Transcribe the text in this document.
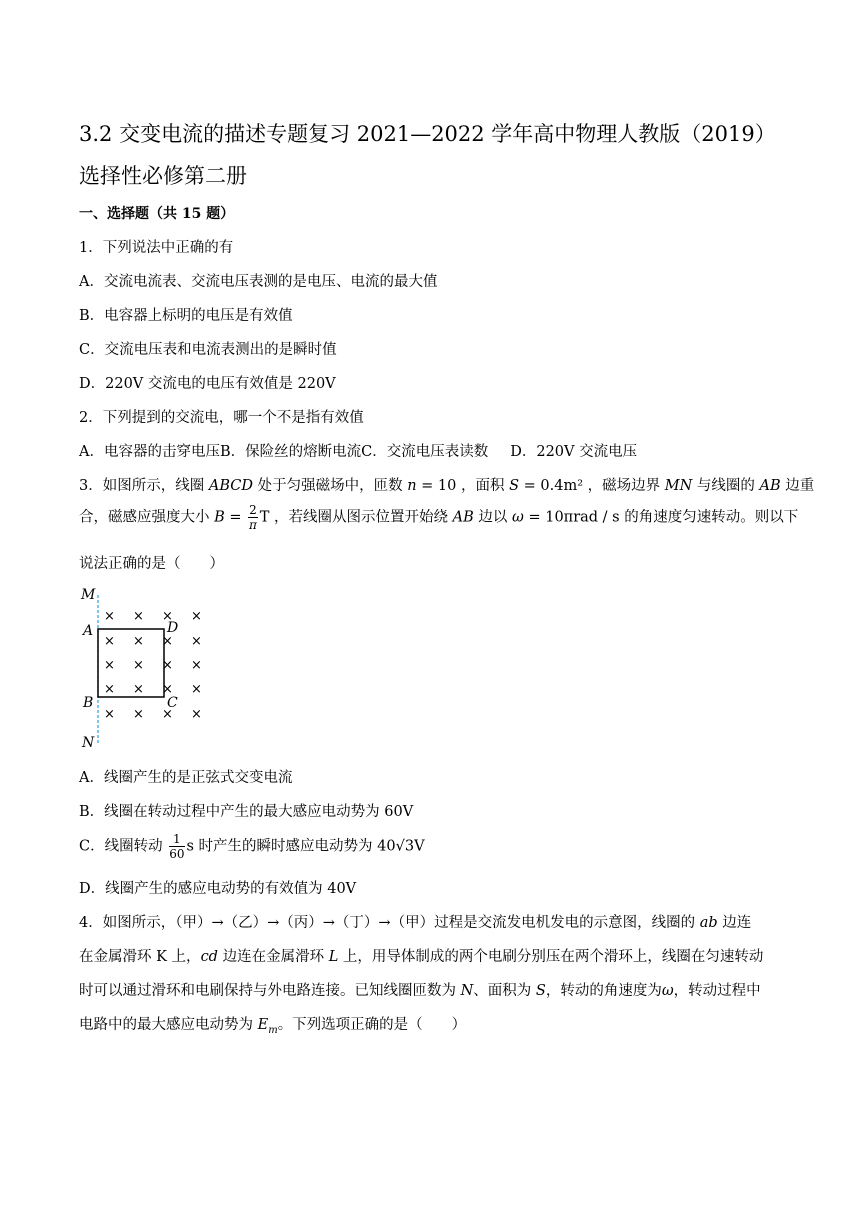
3.2 交变电流的描述专题复习 2021—2022 学年高中物理人教版（2019）
选择性必修第二册
一、选择题（共 15 题）
1．下列说法中正确的有
A．交流电流表、交流电压表测的是电压、电流的最大值
B．电容器上标明的电压是有效值
C．交流电压表和电流表测出的是瞬时值
D．220V 交流电的电压有效值是 220V
2．下列提到的交流电，哪一个不是指有效值
A．电容器的击穿电压B．保险丝的熔断电流C．交流电压表读数 D．220V 交流电压
3．如图所示，线圈 ABCD 处于匀强磁场中，匝数 n = 10 ，面积 S = 0.4m² ，磁场边界 MN 与线圈的 AB 边重
合，磁感应强度大小 $B = \frac{2}{\pi}$ T ，若线圈从图示位置开始绕 AB 边以 ω = 10πrad / s 的角速度匀速转动。则以下
说法正确的是（　　）
× × × ×
× × × ×
× × × ×
× × × ×
× × × ×
M
A	D
B	C
N
A．线圈产生的是正弦式交变电流
B．线圈在转动过程中产生的最大感应电动势为 60V
C．线圈转动 $\frac{1}{60}$ s 时产生的瞬时感应电动势为 40√3V
D．线圈产生的感应电动势的有效值为 40V
4．如图所示，（甲）→（乙）→（丙）→（丁）→（甲）过程是交流发电机发电的示意图，线圈的 ab 边连
在金属滑环 K 上，cd 边连在金属滑环 L 上，用导体制成的两个电刷分别压在两个滑环上，线圈在匀速转动
时可以通过滑环和电刷保持与外电路连接。已知线圈匝数为 N、面积为 S，转动的角速度为ω，转动过程中
电路中的最大感应电动势为 $E_m$。下列选项正确的是（　　）
